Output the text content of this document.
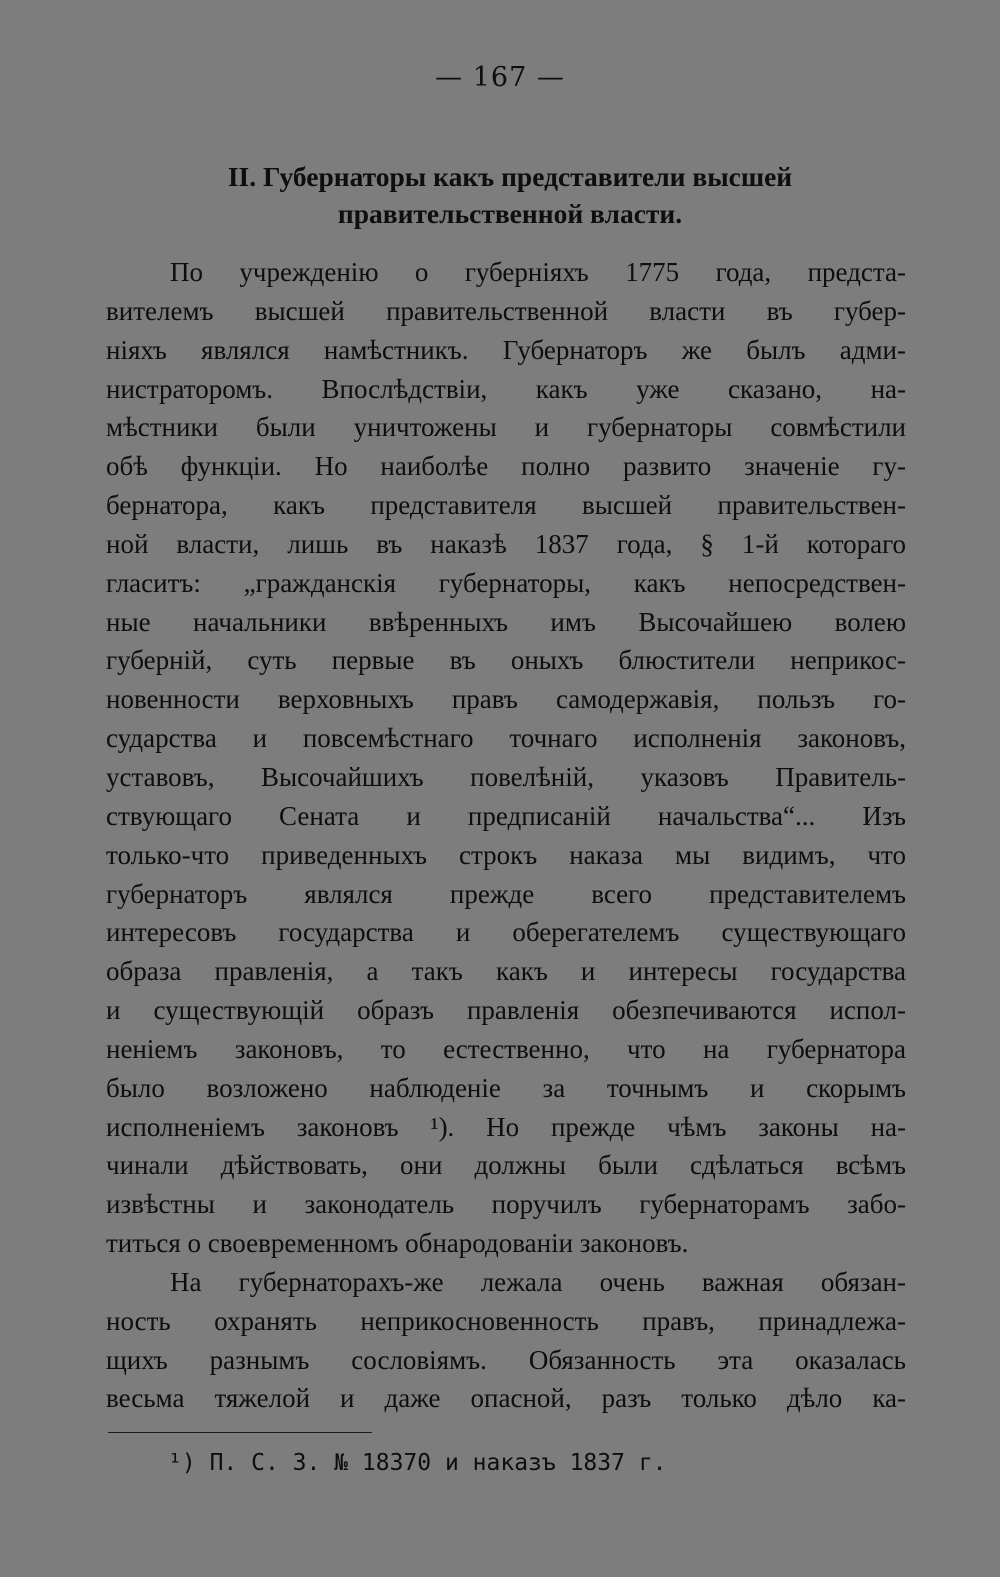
— 167 —
II. Губернаторы какъ представители высшей
правительственной власти.
По учрежденію о губерніяхъ 1775 года, предста-
вителемъ высшей правительственной власти въ губер-
ніяхъ являлся намѣстникъ. Губернаторъ же былъ адми-
нистраторомъ. Впослѣдствіи, какъ уже сказано, на-
мѣстники были уничтожены и губернаторы совмѣстили
обѣ функціи. Но наиболѣе полно развито значеніе гу-
бернатора, какъ представителя высшей правительствен-
ной власти, лишь въ наказѣ 1837 года, § 1-й котораго
гласитъ: „гражданскія губернаторы, какъ непосредствен-
ные начальники ввѣренныхъ имъ Высочайшею волею
губерній, суть первые въ оныхъ блюстители неприкос-
новенности верховныхъ правъ самодержавія, пользъ го-
сударства и повсемѣстнаго точнаго исполненія законовъ,
уставовъ, Высочайшихъ повелѣній, указовъ Правитель-
ствующаго Сената и предписаній начальства“... Изъ
только-что приведенныхъ строкъ наказа мы видимъ, что
губернаторъ являлся прежде всего представителемъ
интересовъ государства и оберегателемъ существующаго
образа правленія, а такъ какъ и интересы государства
и существующій образъ правленія обезпечиваются испол-
неніемъ законовъ, то естественно, что на губернатора
было возложено наблюденіе за точнымъ и скорымъ
исполненіемъ законовъ ¹). Но прежде чѣмъ законы на-
чинали дѣйствовать, они должны были сдѣлаться всѣмъ
извѣстны и законодатель поручилъ губернаторамъ забо-
титься о своевременномъ обнародованіи законовъ.
На губернаторахъ-же лежала очень важная обязан-
ность охранять неприкосновенность правъ, принадлежа-
щихъ разнымъ сословіямъ. Обязанность эта оказалась
весьма тяжелой и даже опасной, разъ только дѣло ка-
¹) П. С. З. № 18370 и наказъ 1837 г.
